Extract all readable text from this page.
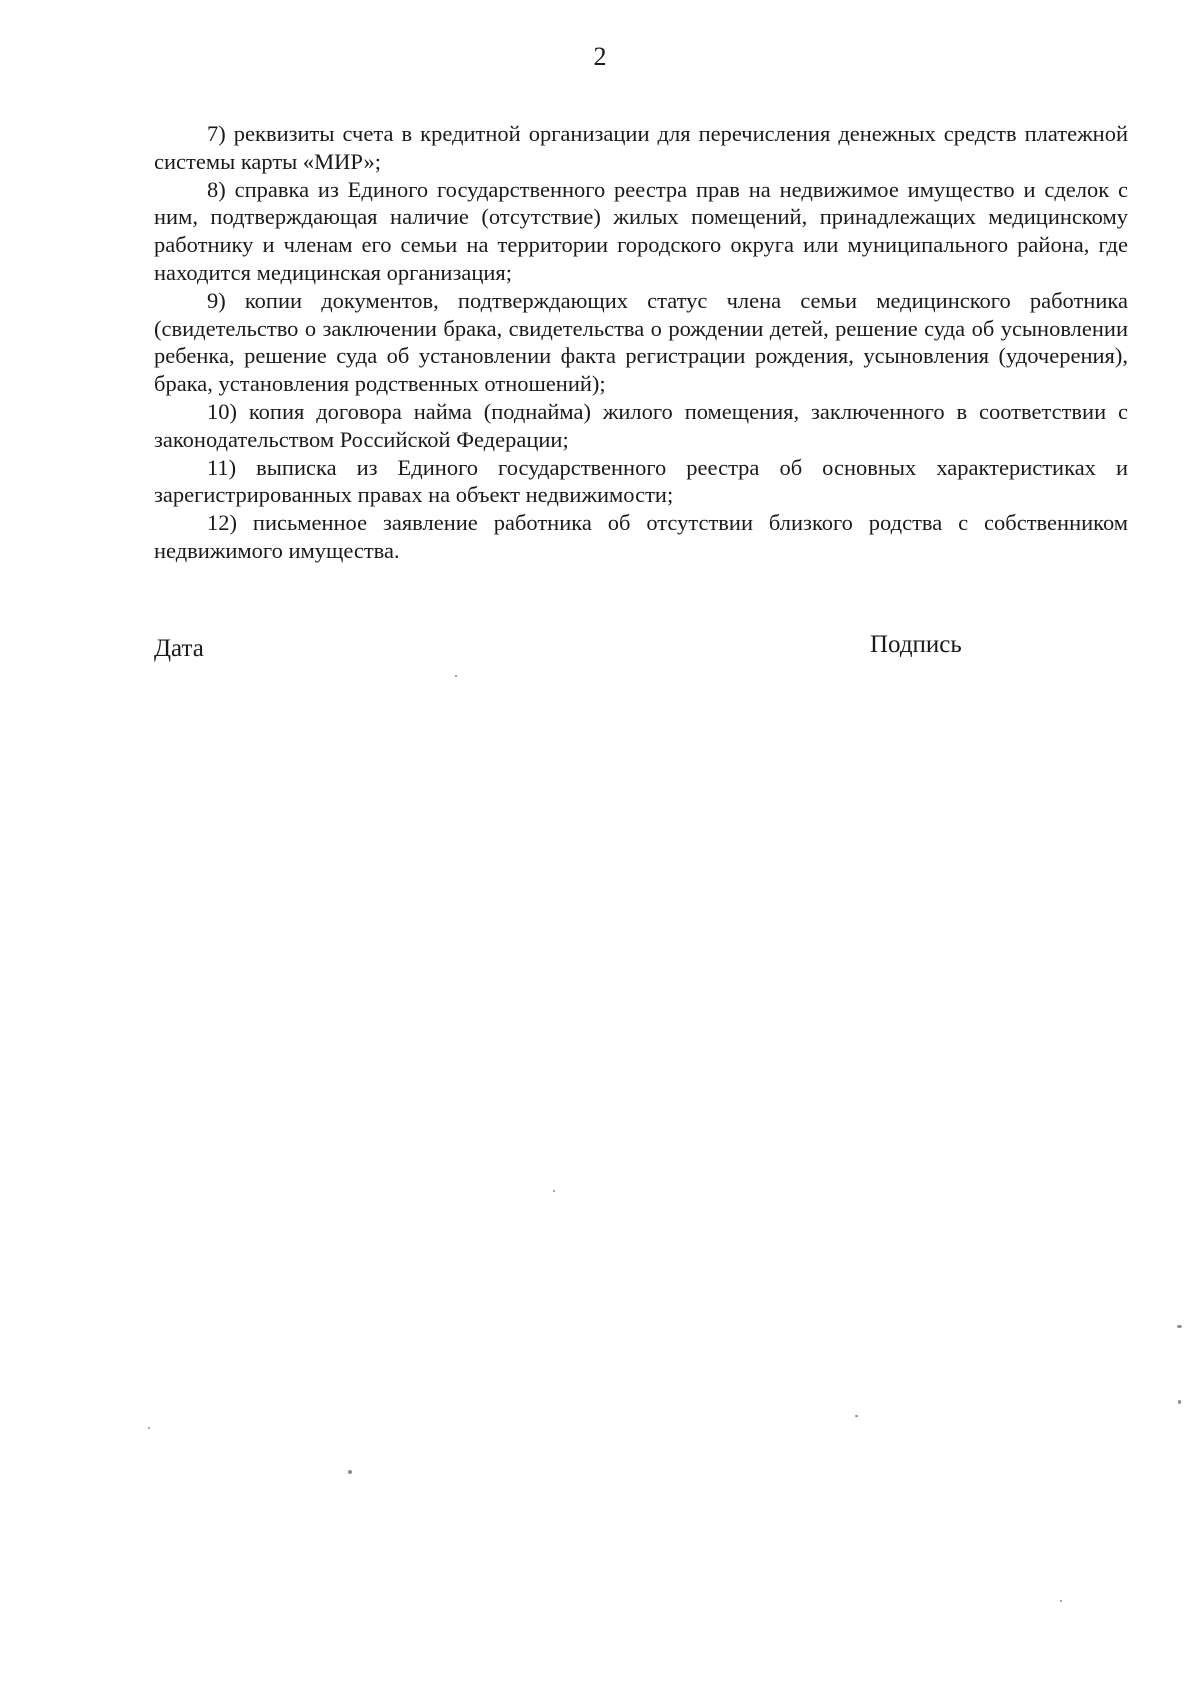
2

7) реквизиты счета в кредитной организации для перечисления денежных средств платежной системы карты «МИР»;

8) справка из Единого государственного реестра прав на недвижимое имущество и сделок с ним, подтверждающая наличие (отсутствие) жилых помещений, принадлежащих медицинскому работнику и членам его семьи на территории городского округа или муниципального района, где находится медицинская организация;

9) копии документов, подтверждающих статус члена семьи медицинского работника (свидетельство о заключении брака, свидетельства о рождении детей, решение суда об усыновлении ребенка, решение суда об установлении факта регистрации рождения, усыновления (удочерения), брака, установления родственных отношений);

10) копия договора найма (поднайма) жилого помещения, заключенного в соответствии с законодательством Российской Федерации;

11) выписка из Единого государственного реестра об основных характеристиках и зарегистрированных правах на объект недвижимости;

12) письменное заявление работника об отсутствии близкого родства с собственником недвижимого имущества.

Дата	Подпись
